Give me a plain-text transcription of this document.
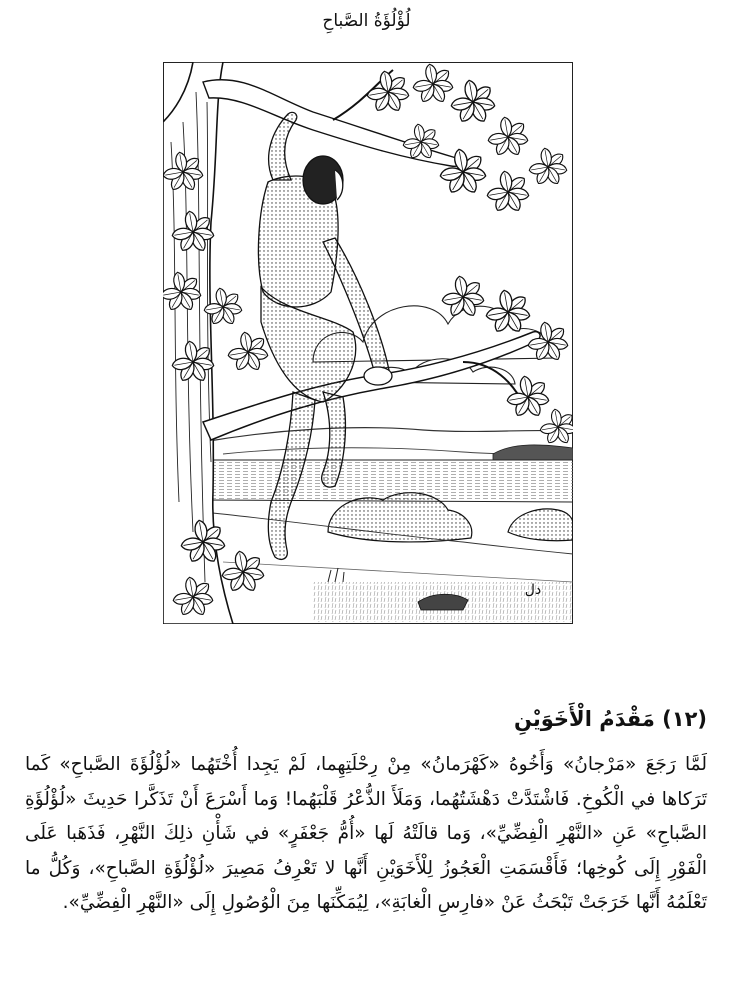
لُؤْلُؤَةُ الصَّباحِ
دل
(١٢) مَقْدَمُ الْأَخَوَيْنِ

لَمَّا رَجَعَ «مَرْجانُ» وَأَخُوهُ «كَهْرَمانُ» مِنْ رِحْلَتِهِما، لَمْ يَجِدا أُخْتَهُما «لُؤْلُؤَةَ الصَّباحِ» كَما تَرَكاها في الْكُوخِ. فَاشْتَدَّتْ دَهْشَتُهُما، وَمَلَأَ الذُّعْرُ قَلْبَهُما! وَما أَسْرَعَ أَنْ تَذَكَّرا حَدِيثَ «لُؤْلُؤَةِ الصَّباحِ» عَنِ «النَّهْرِ الْفِضِّيِّ»، وَما قالَتْهُ لَها «أُمُّ جَعْفَرٍ» في شَأْنِ ذلِكَ النَّهْرِ، فَذَهَبا عَلَى الْفَوْرِ إِلَى كُوخِها؛ فَأَقْسَمَتِ الْعَجُوزُ لِلْأَخَوَيْنِ أَنَّها لا تَعْرِفُ مَصِيرَ «لُؤْلُؤَةِ الصَّباحِ»، وَكُلُّ ما تَعْلَمُهُ أَنَّها خَرَجَتْ تَبْحَثُ عَنْ «فارِسِ الْغابَةِ»، لِيُمَكِّنَها مِنَ الْوُصُولِ إِلَى «النَّهْرِ الْفِضِّيِّ».
